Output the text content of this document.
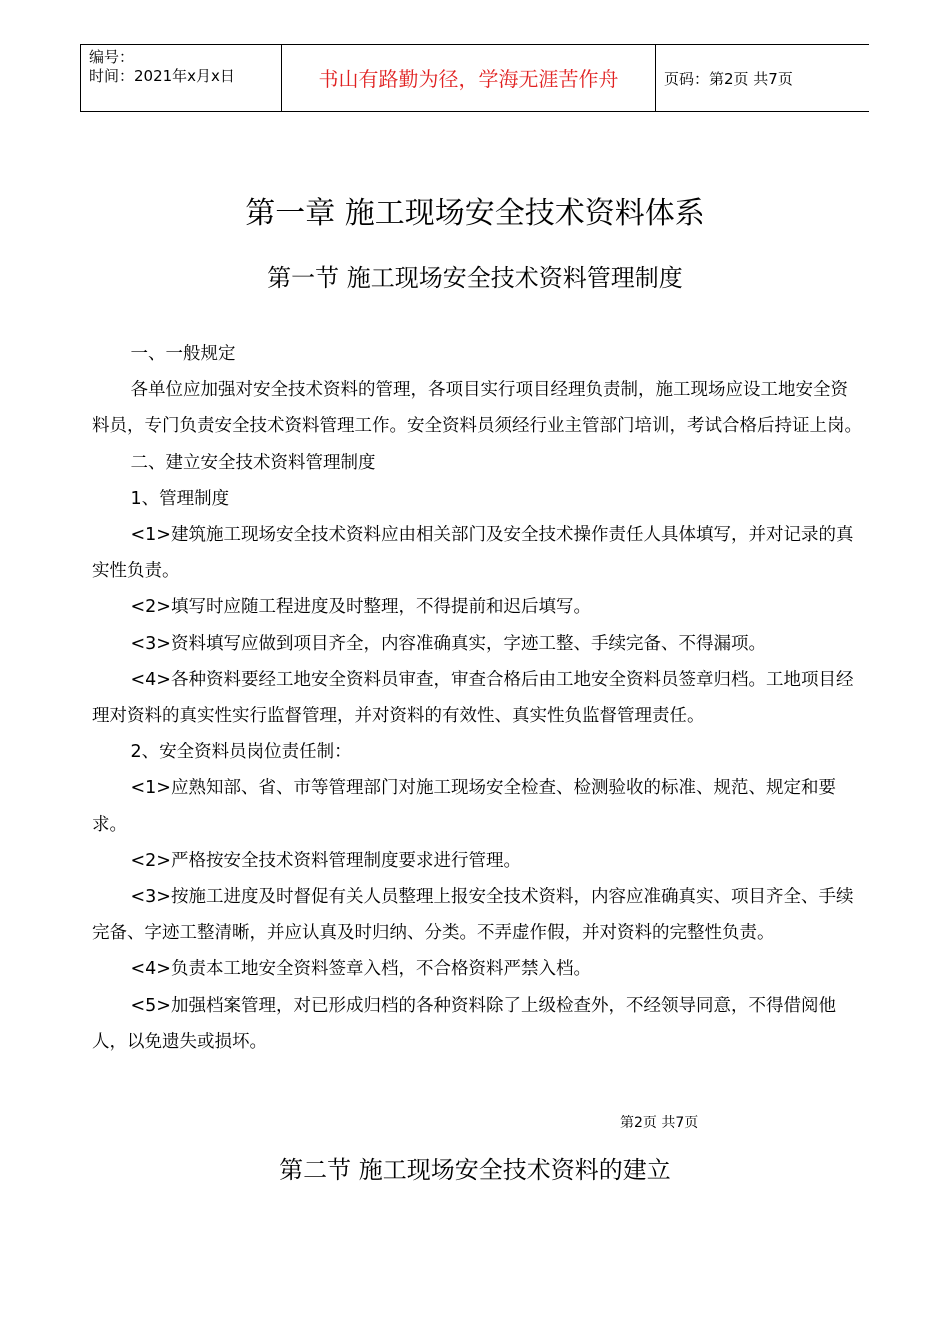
编号：
时间：2021年x月x日	书山有路勤为径，学海无涯苦作舟	页码：第2页 共7页
第一章 施工现场安全技术资料体系
第一节 施工现场安全技术资料管理制度

一、一般规定

各单位应加强对安全技术资料的管理，各项目实行项目经理负责制，施工现场应设工地安全资料员，专门负责安全技术资料管理工作。安全资料员须经行业主管部门培训，考试合格后持证上岗。

二、建立安全技术资料管理制度

1、管理制度

<1>建筑施工现场安全技术资料应由相关部门及安全技术操作责任人具体填写，并对记录的真实性负责。

<2>填写时应随工程进度及时整理，不得提前和迟后填写。

<3>资料填写应做到项目齐全，内容准确真实，字迹工整、手续完备、不得漏项。

<4>各种资料要经工地安全资料员审查，审查合格后由工地安全资料员签章归档。工地项目经理对资料的真实性实行监督管理，并对资料的有效性、真实性负监督管理责任。

2、安全资料员岗位责任制：

<1>应熟知部、省、市等管理部门对施工现场安全检查、检测验收的标准、规范、规定和要求。

<2>严格按安全技术资料管理制度要求进行管理。

<3>按施工进度及时督促有关人员整理上报安全技术资料，内容应准确真实、项目齐全、手续完备、字迹工整清晰，并应认真及时归纳、分类。不弄虚作假，并对资料的完整性负责。

<4>负责本工地安全资料签章入档，不合格资料严禁入档。

<5>加强档案管理，对已形成归档的各种资料除了上级检查外，不经领导同意，不得借阅他人，以免遗失或损坏。

第2页 共7页
第二节 施工现场安全技术资料的建立
